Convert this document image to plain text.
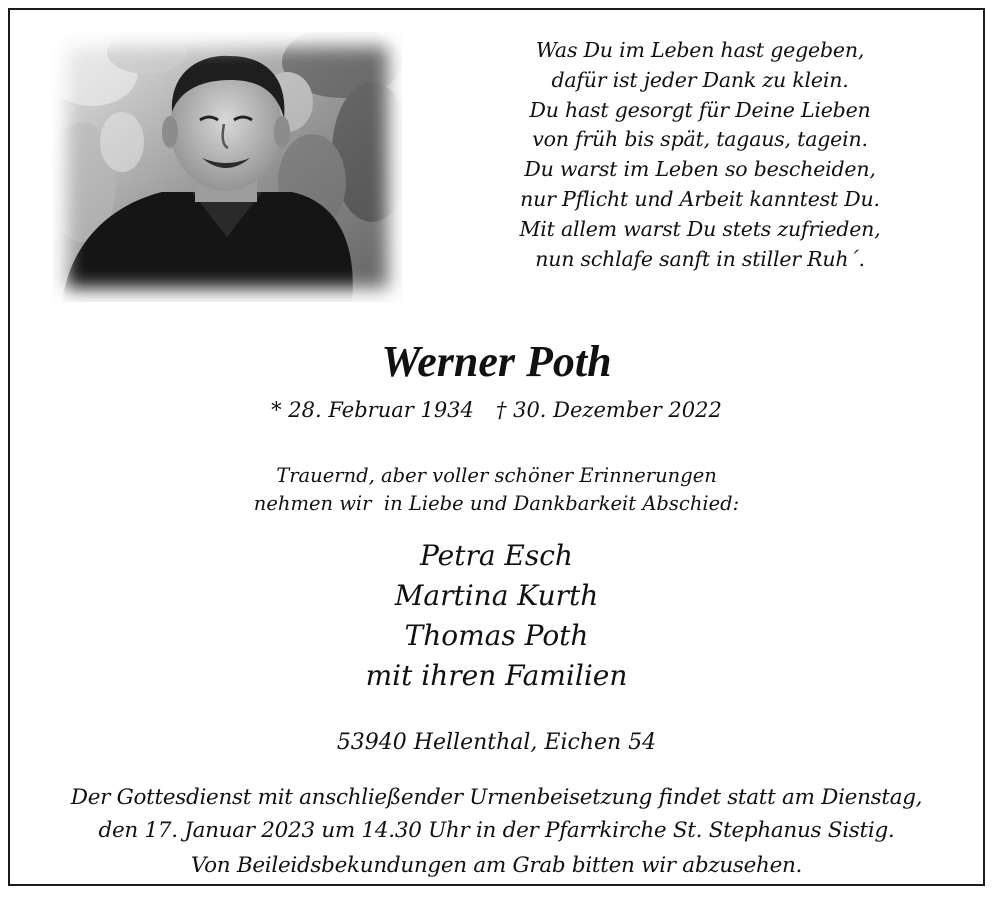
Was Du im Leben hast gegeben,
dafür ist jeder Dank zu klein.
Du hast gesorgt für Deine Lieben
von früh bis spät, tagaus, tagein.
Du warst im Leben so bescheiden,
nur Pflicht und Arbeit kanntest Du.
Mit allem warst Du stets zufrieden,
nun schlafe sanft in stiller Ruh´.
Werner Poth
* 28. Februar 1934 † 30. Dezember 2022
Trauernd, aber voller schöner Erinnerungen
nehmen wir  in Liebe und Dankbarkeit Abschied:
Petra Esch
Martina Kurth
Thomas Poth
mit ihren Familien
53940 Hellenthal, Eichen 54
Der Gottesdienst mit anschließender Urnenbeisetzung findet statt am Dienstag,
den 17. Januar 2023 um 14.30 Uhr in der Pfarrkirche St. Stephanus Sistig.
Von Beileidsbekundungen am Grab bitten wir abzusehen.
